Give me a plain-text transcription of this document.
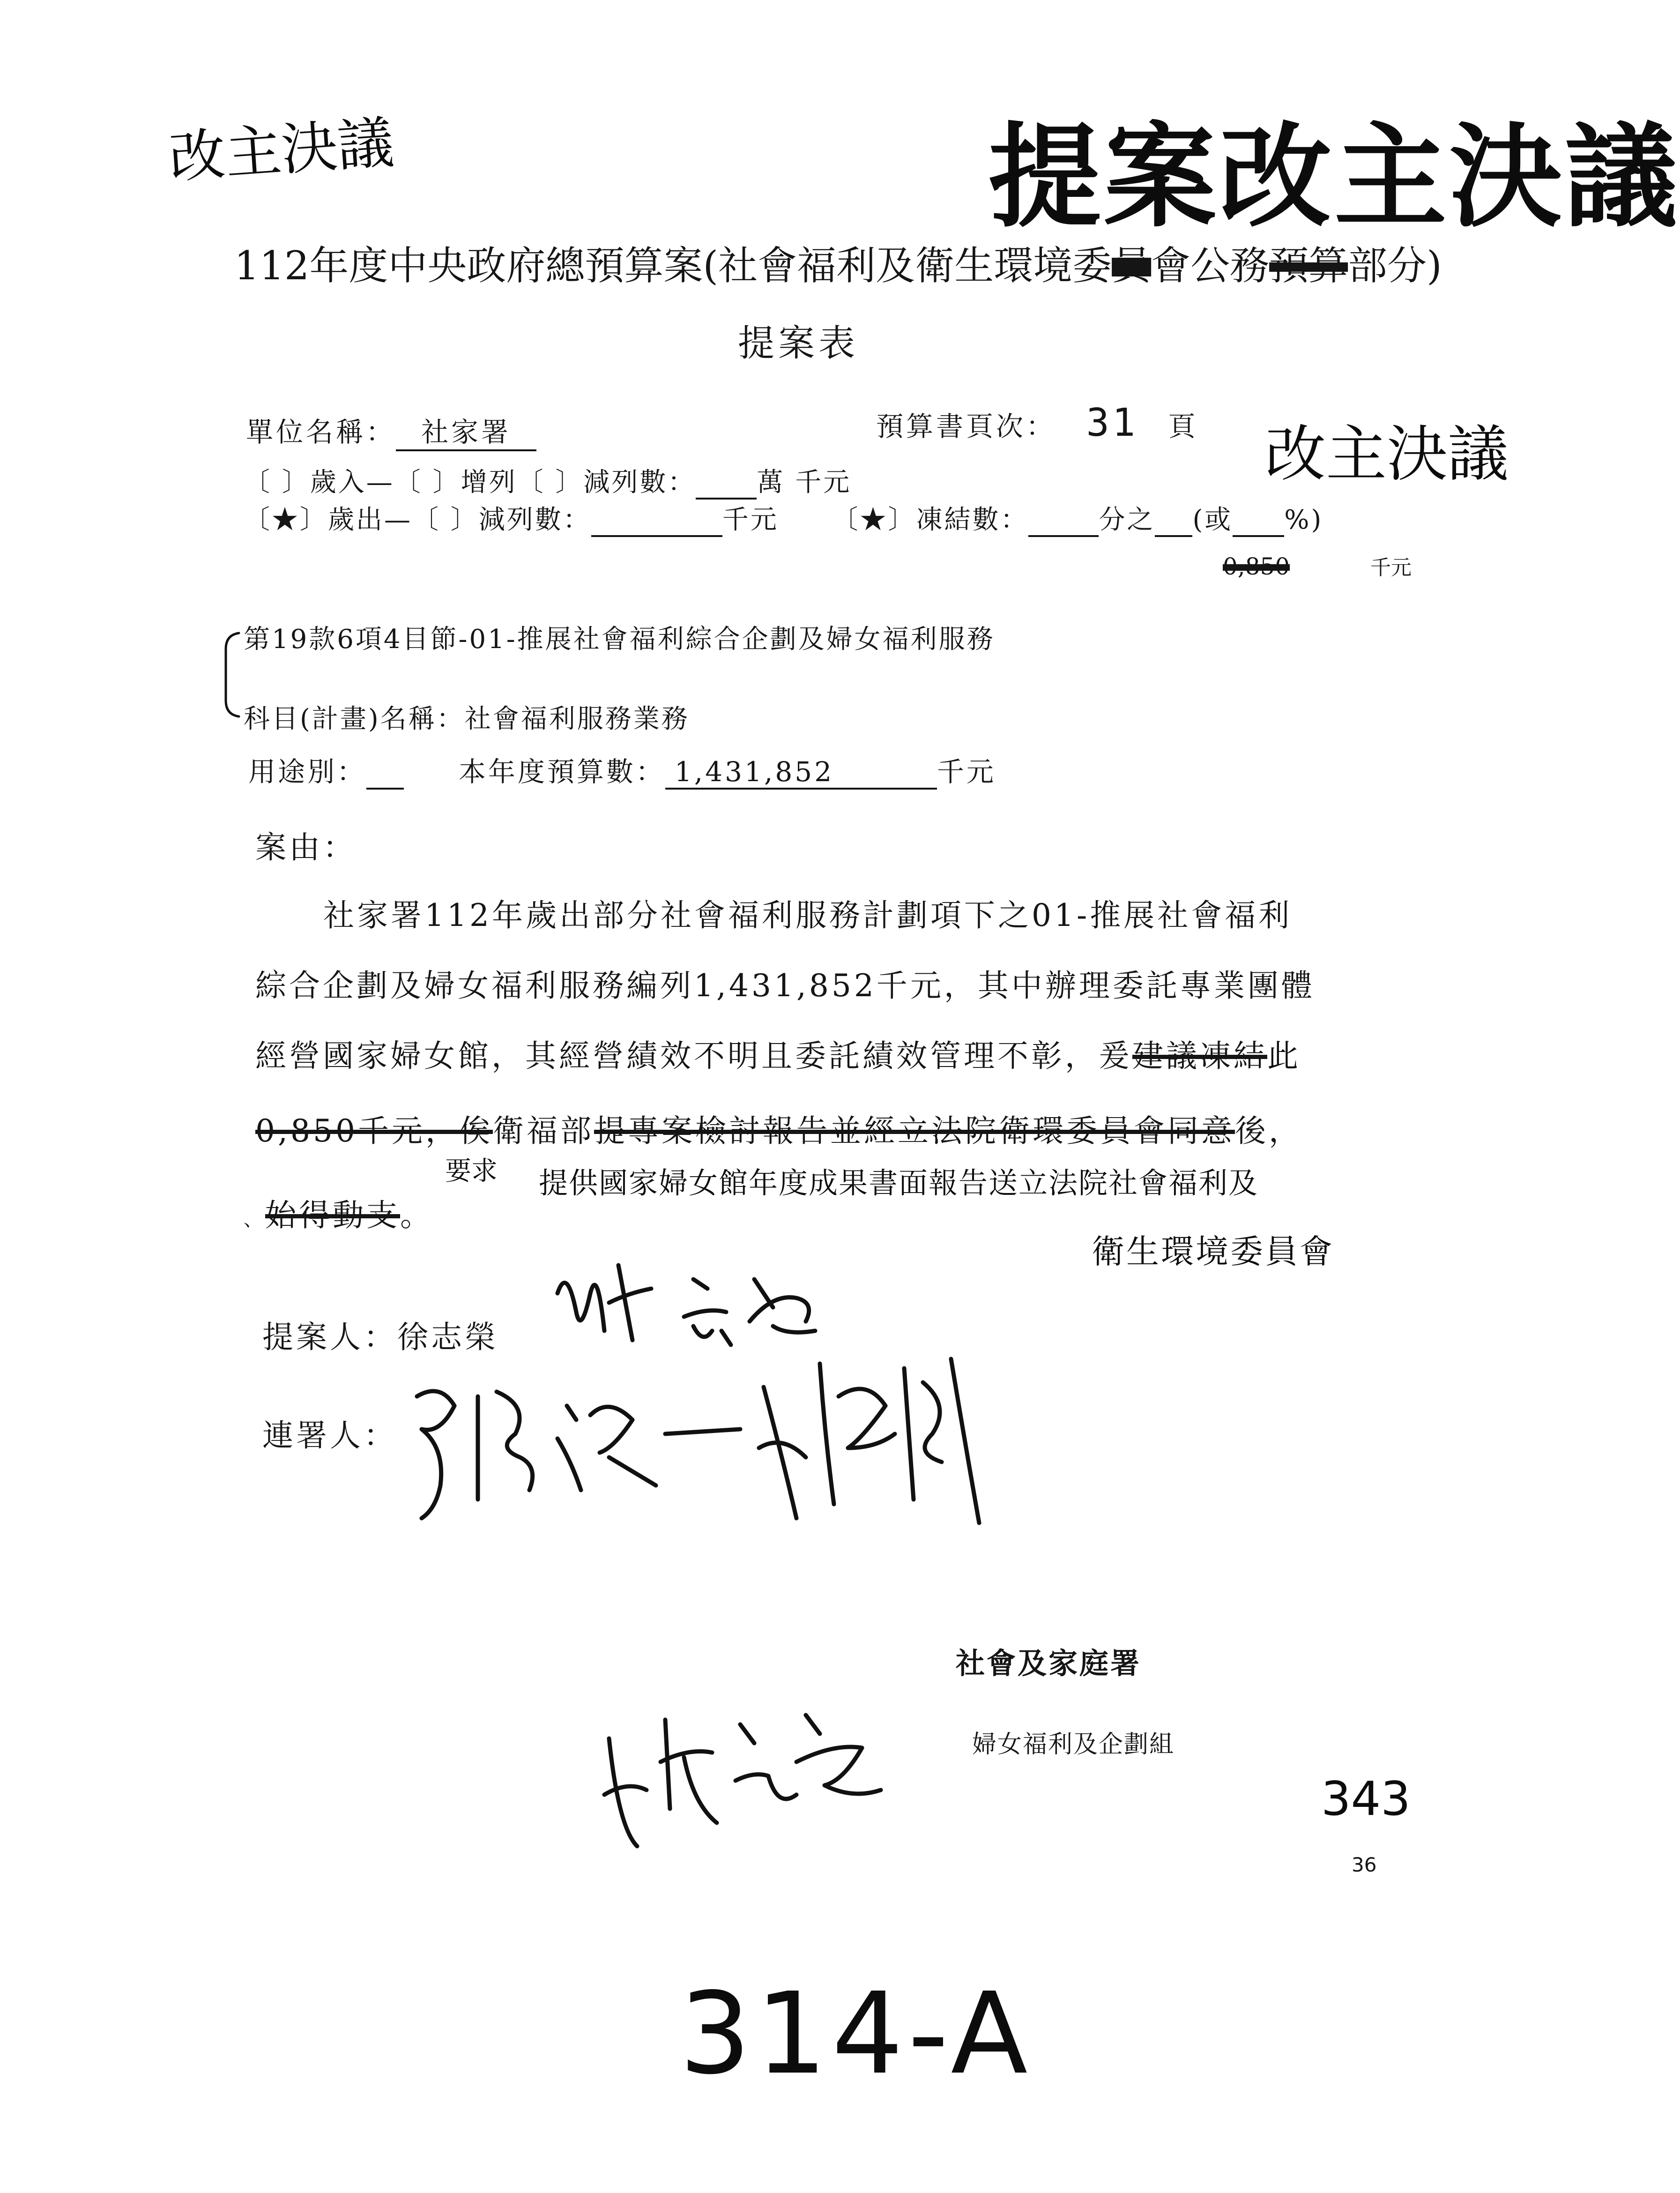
改主決議	提案改主決議
112年度中央政府總預算案(社會福利及衛生環境委員會公務預算部分)
提案表
單位名稱： 社家署	預算書頁次： 31 頁 改主決議
〔 〕歲入—〔 〕增列〔 〕減列數： 萬 千元
〔★〕歲出—〔 〕減列數：	千元 〔★〕凍結數：	分之 (或 %)
0,850	千元
第19款6項4目節-01-推展社會福利綜合企劃及婦女福利服務
科目(計畫)名稱：社會福利服務業務
用途別：	本年度預算數： 1,431,852	千元
案由：
社家署112年歲出部分社會福利服務計劃項下之01-推展社會福利
綜合企劃及婦女福利服務編列1,431,852千元，其中辦理委託專業團體
經營國家婦女館，其經營績效不明且委託績效管理不彰，爰建議凍結此
0,850千元，俟衛福部提專案檢討報告並經立法院衛環委員會同意後，
要求 提供國家婦女館年度成果書面報告送立法院社會福利及
、始得動支。
衛生環境委員會
提案人：徐志榮
連署人：
社會及家庭署
婦女福利及企劃組
343
36
314-A
